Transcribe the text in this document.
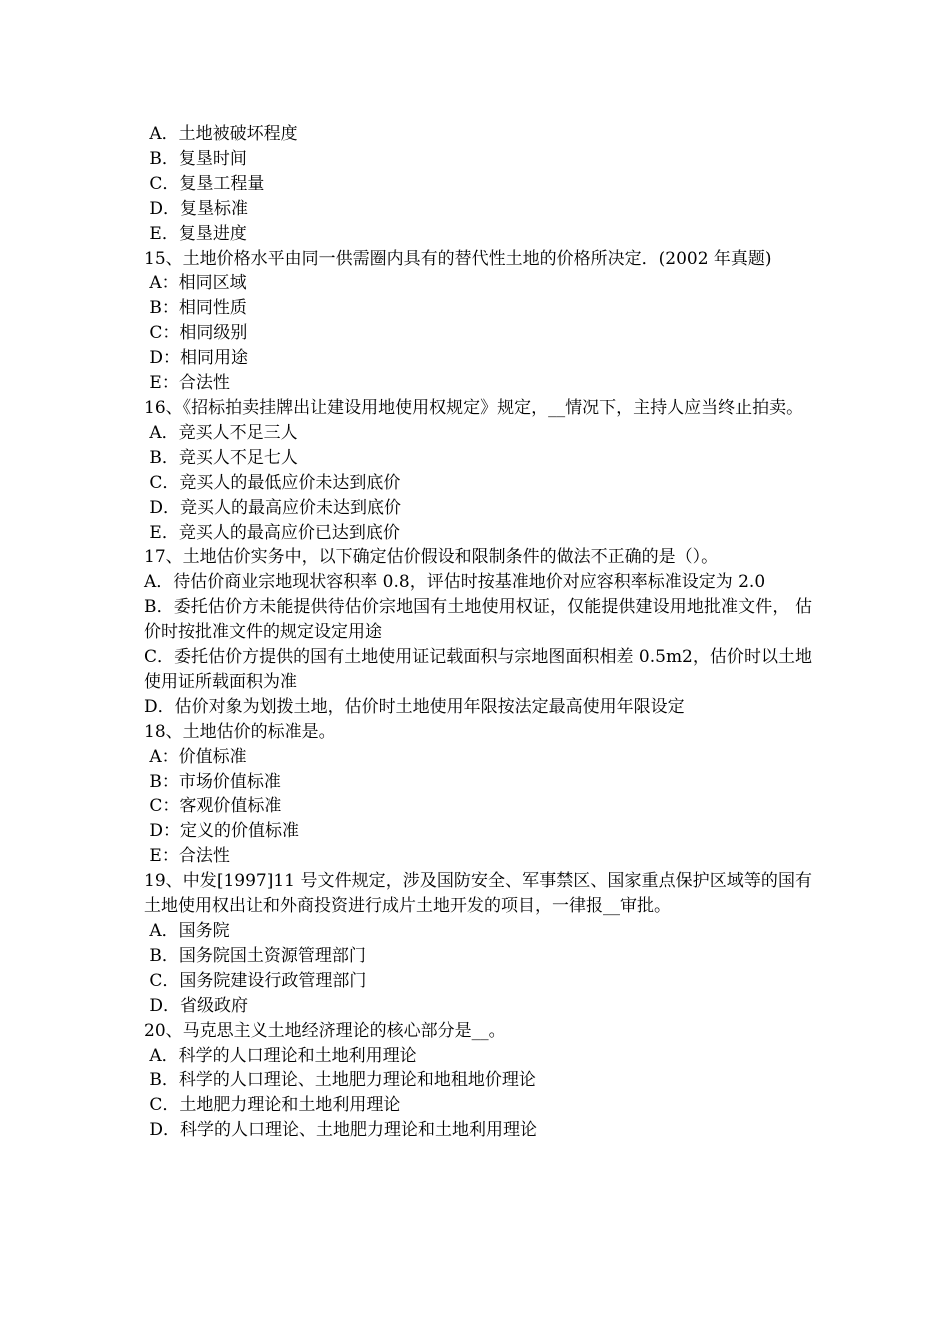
A．土地被破坏程度

B．复垦时间

C．复垦工程量

D．复垦标准

E．复垦进度

15、土地价格水平由同一供需圈内具有的替代性土地的价格所决定．(2002 年真题)

A：相同区域

B：相同性质

C：相同级别

D：相同用途

E：合法性

16、《招标拍卖挂牌出让建设用地使用权规定》规定，__情况下，主持人应当终止拍卖。

A．竞买人不足三人

B．竞买人不足七人

C．竞买人的最低应价未达到底价

D．竞买人的最高应价未达到底价

E．竞买人的最高应价已达到底价

17、土地估价实务中，以下确定估价假设和限制条件的做法不正确的是（）。

A．待估价商业宗地现状容积率 0.8，评估时按基准地价对应容积率标准设定为 2.0

B．委托估价方未能提供待估价宗地国有土地使用权证，仅能提供建设用地批准文件， 估价时按批准文件的规定设定用途

C．委托估价方提供的国有土地使用证记载面积与宗地图面积相差 0.5m2，估价时以土地使用证所载面积为准

D．估价对象为划拨土地，估价时土地使用年限按法定最高使用年限设定

18、土地估价的标准是。

A：价值标准

B：市场价值标准

C：客观价值标准

D：定义的价值标准

E：合法性

19、中发[1997]11 号文件规定，涉及国防安全、军事禁区、国家重点保护区域等的国有土地使用权出让和外商投资进行成片土地开发的项目，一律报__审批。

A．国务院

B．国务院国土资源管理部门

C．国务院建设行政管理部门

D．省级政府

20、马克思主义土地经济理论的核心部分是__。

A．科学的人口理论和土地利用理论

B．科学的人口理论、土地肥力理论和地租地价理论

C．土地肥力理论和土地利用理论

D．科学的人口理论、土地肥力理论和土地利用理论
